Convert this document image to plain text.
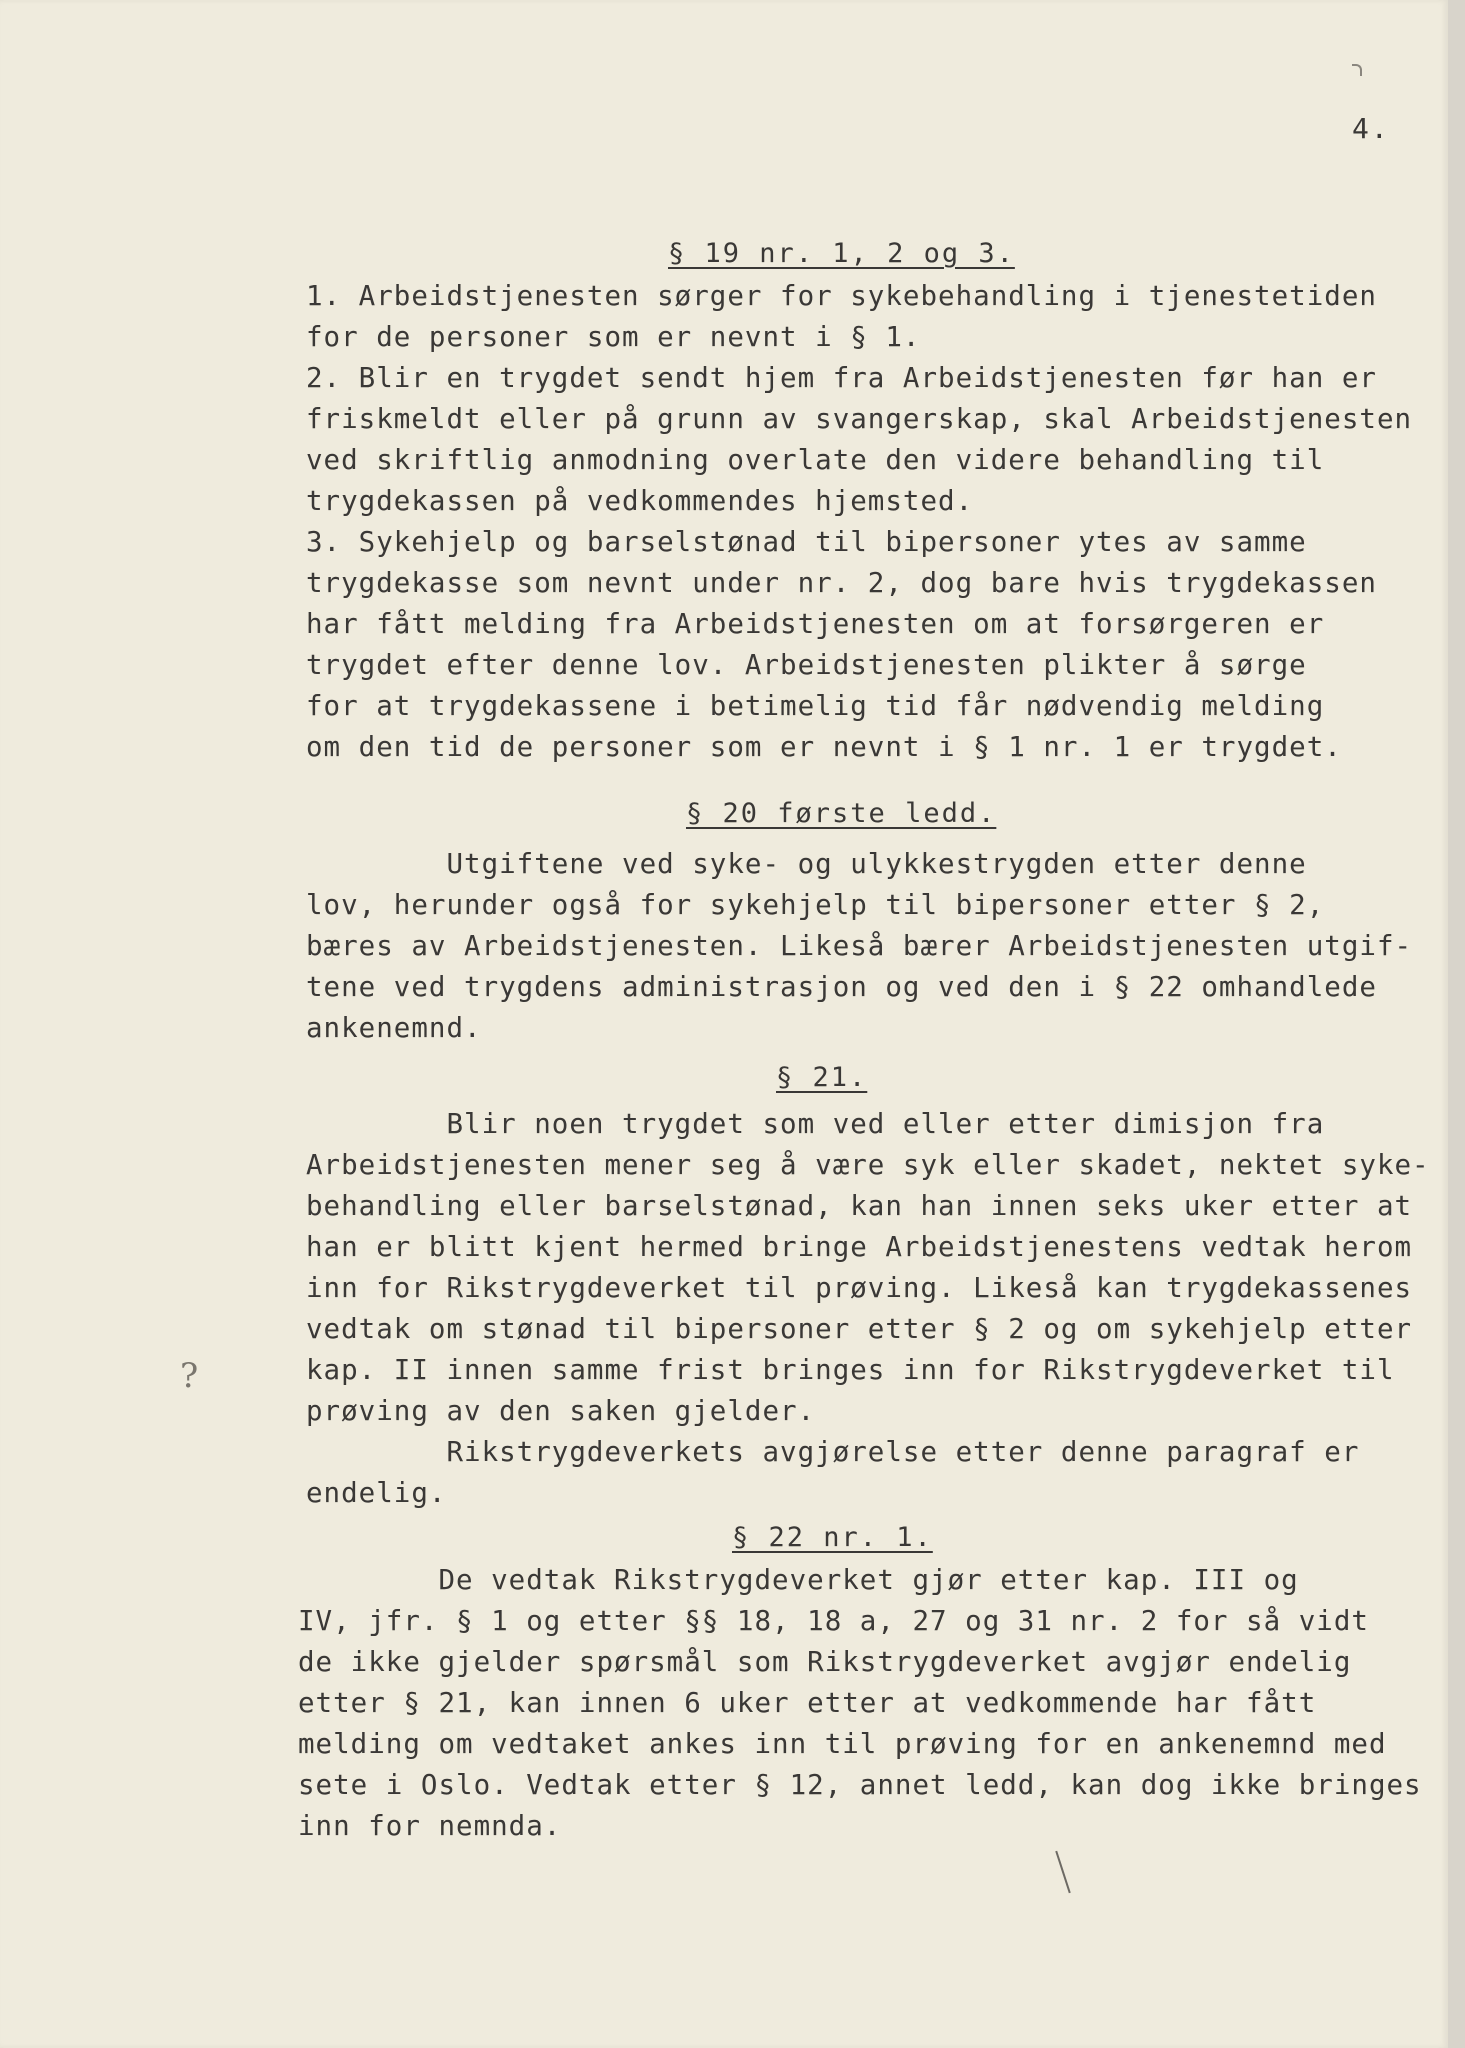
4.
§ 19 nr. 1, 2 og 3.
1. Arbeidstjenesten sørger for sykebehandling i tjenestetiden
for de personer som er nevnt i § 1.
2. Blir en trygdet sendt hjem fra Arbeidstjenesten før han er
friskmeldt eller på grunn av svangerskap, skal Arbeidstjenesten
ved skriftlig anmodning overlate den videre behandling til
trygdekassen på vedkommendes hjemsted.
3. Sykehjelp og barselstønad til bipersoner ytes av samme
trygdekasse som nevnt under nr. 2, dog bare hvis trygdekassen
har fått melding fra Arbeidstjenesten om at forsørgeren er
trygdet efter denne lov. Arbeidstjenesten plikter å sørge
for at trygdekassene i betimelig tid får nødvendig melding
om den tid de personer som er nevnt i § 1 nr. 1 er trygdet.
§ 20 første ledd.
Utgiftene ved syke- og ulykkestrygden etter denne
lov, herunder også for sykehjelp til bipersoner etter § 2,
bæres av Arbeidstjenesten. Likeså bærer Arbeidstjenesten utgif-
tene ved trygdens administrasjon og ved den i § 22 omhandlede
ankenemnd.
§ 21.
Blir noen trygdet som ved eller etter dimisjon fra
Arbeidstjenesten mener seg å være syk eller skadet, nektet syke-
behandling eller barselstønad, kan han innen seks uker etter at
han er blitt kjent hermed bringe Arbeidstjenestens vedtak herom
inn for Rikstrygdeverket til prøving. Likeså kan trygdekassenes
vedtak om stønad til bipersoner etter § 2 og om sykehjelp etter
kap. II innen samme frist bringes inn for Rikstrygdeverket til
prøving av den saken gjelder.
Rikstrygdeverkets avgjørelse etter denne paragraf er
endelig.
?
§ 22 nr. 1.
De vedtak Rikstrygdeverket gjør etter kap. III og
IV, jfr. § 1 og etter §§ 18, 18 a, 27 og 31 nr. 2 for så vidt
de ikke gjelder spørsmål som Rikstrygdeverket avgjør endelig
etter § 21, kan innen 6 uker etter at vedkommende har fått
melding om vedtaket ankes inn til prøving for en ankenemnd med
sete i Oslo. Vedtak etter § 12, annet ledd, kan dog ikke bringes
inn for nemnda.
